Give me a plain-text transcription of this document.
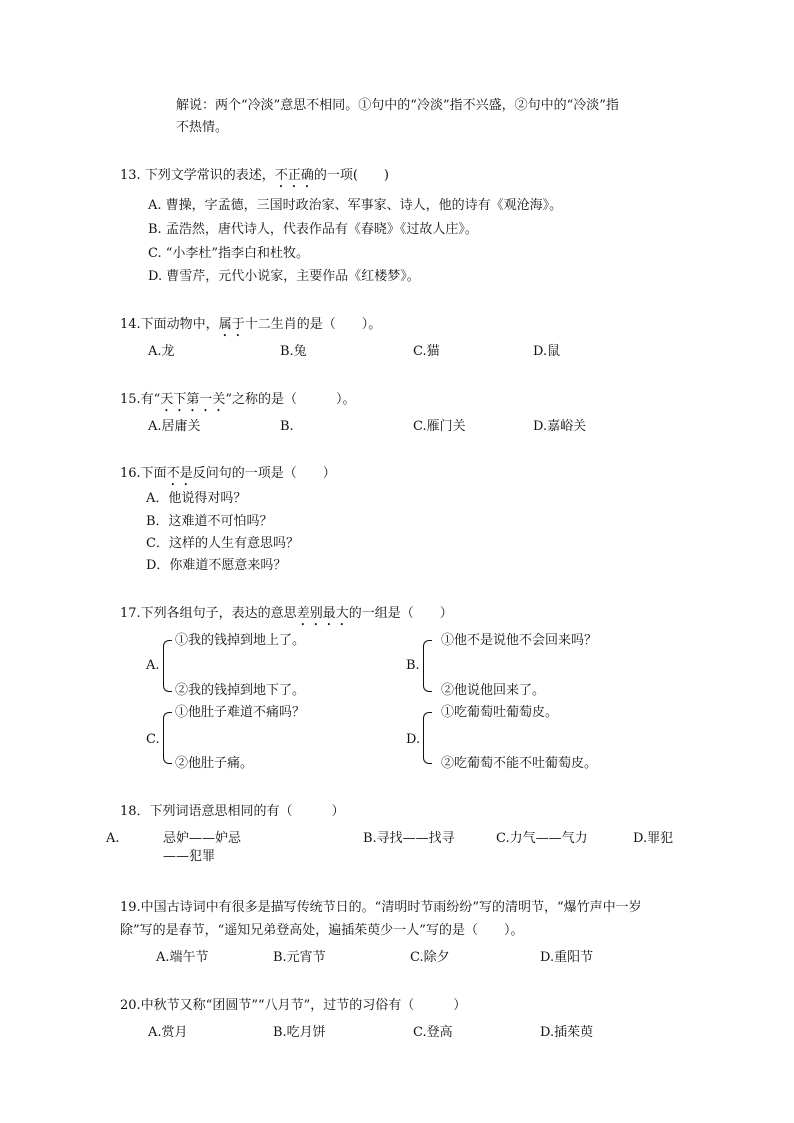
解说：两个“冷淡”意思不相同。①句中的“冷淡”指不兴盛，②句中的“冷淡”指
不热情。
13. 下列文学常识的表述，不正确的一项(　　)
A. 曹操，字孟德，三国时政治家、军事家、诗人，他的诗有《观沧海》。
B. 孟浩然，唐代诗人，代表作品有《春晓》《过故人庄》。
C. “小李杜”指李白和杜牧。
D. 曹雪芹，元代小说家，主要作品《红楼梦》。
14.下面动物中，属于十二生肖的是（　　）。
A.龙	B.兔	C.猫	D.鼠
15.有“天下第一关”之称的是（　　　）。
A.居庸关	B.	C.雁门关	D.嘉峪关
16.下面不是反问句的一项是（　　）
A．他说得对吗？
B．这难道不可怕吗？
C．这样的人生有意思吗？
D．你难道不愿意来吗？
17.下列各组句子，表达的意思差别最大的一组是（　　）
A.
①我的钱掉到地上了。
②我的钱掉到地下了。
B.
①他不是说他不会回来吗？
②他说他回来了。
C.
①他肚子难道不痛吗？
②他肚子痛。
D.
①吃葡萄吐葡萄皮。
②吃葡萄不能不吐葡萄皮。
18．下列词语意思相同的有（　　　）
A.	忌妒——妒忌	B.寻找——找寻	C.力气——气力	D.罪犯
——犯罪
19.中国古诗词中有很多是描写传统节日的。“清明时节雨纷纷”写的清明节，“爆竹声中一岁
除”写的是春节，“遥知兄弟登高处，遍插茱萸少一人”写的是（　　）。
A.端午节	B.元宵节	C.除夕	D.重阳节
20.中秋节又称“团圆节”“八月节”，过节的习俗有（　　　）
A.赏月	B.吃月饼	C.登高	D.插茱萸
